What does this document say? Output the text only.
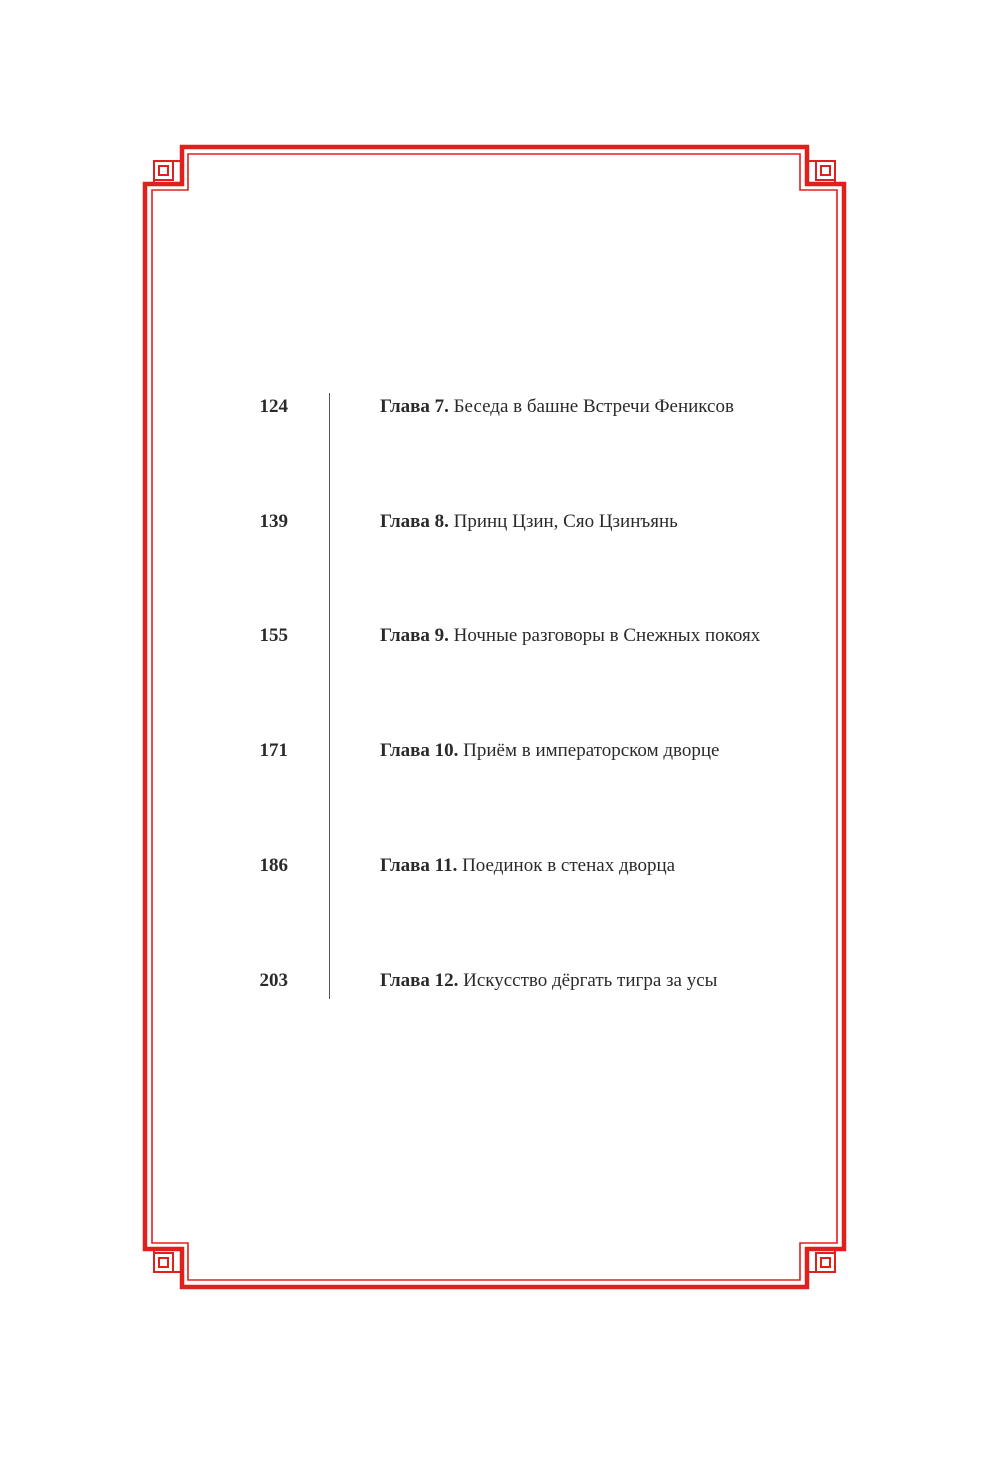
124	Глава 7. Беседа в башне Встречи Фениксов
139	Глава 8. Принц Цзин, Сяо Цзинъянь
155	Глава 9. Ночные разговоры в Снежных покоях
171	Глава 10. Приём в императорском дворце
186	Глава 11. Поединок в стенах дворца
203	Глава 12. Искусство дёргать тигра за усы
